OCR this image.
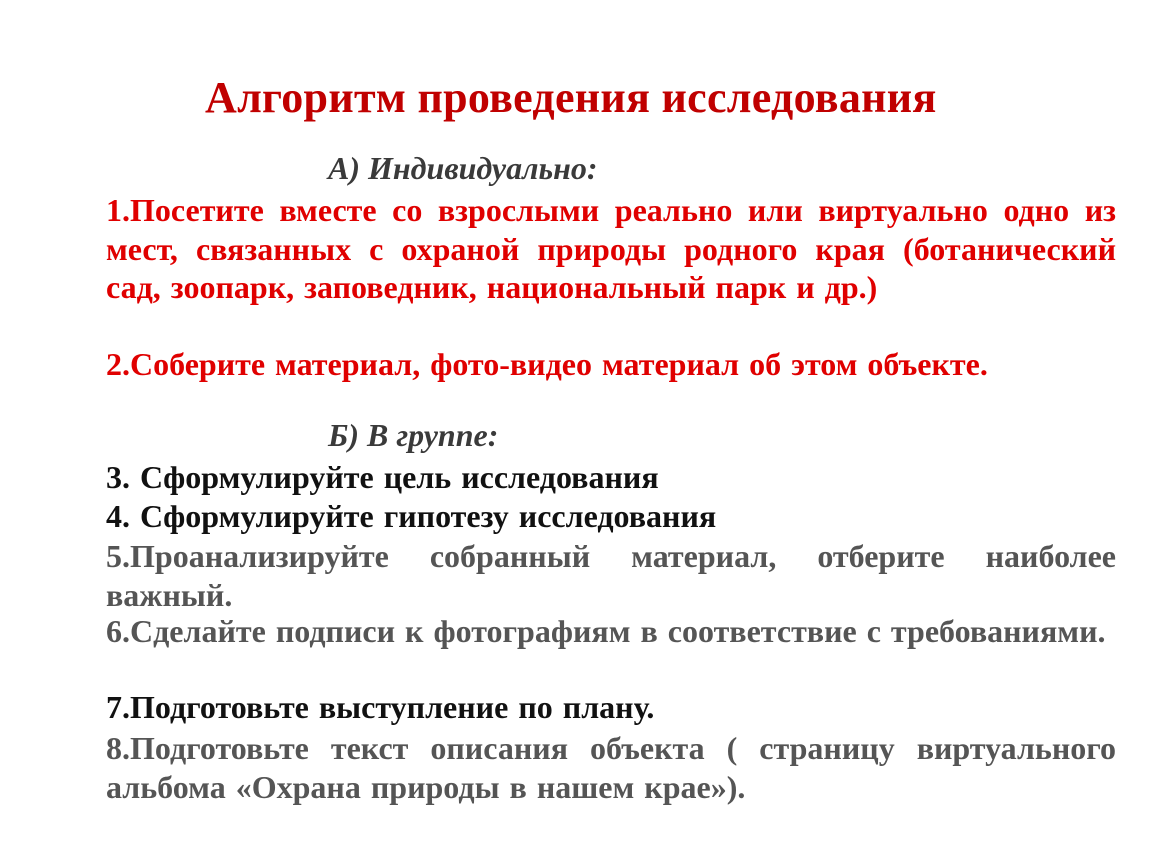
Алгоритм проведения исследования
А) Индивидуально:
1.Посетите вместе со взрослыми реально или виртуально одно из мест, связанных с охраной природы родного края (ботанический сад, зоопарк, заповедник, национальный парк и др.)
2.Соберите материал, фото-видео материал об этом объекте.
Б) В группе:
3. Сформулируйте цель исследования
4. Сформулируйте гипотезу исследования
5.Проанализируйте собранный материал, отберите наиболее важный.
6.Сделайте подписи к фотографиям в соответствие с требованиями.
7.Подготовьте выступление по плану.
8.Подготовьте текст описания объекта ( страницу виртуального альбома «Охрана природы в нашем крае»).
